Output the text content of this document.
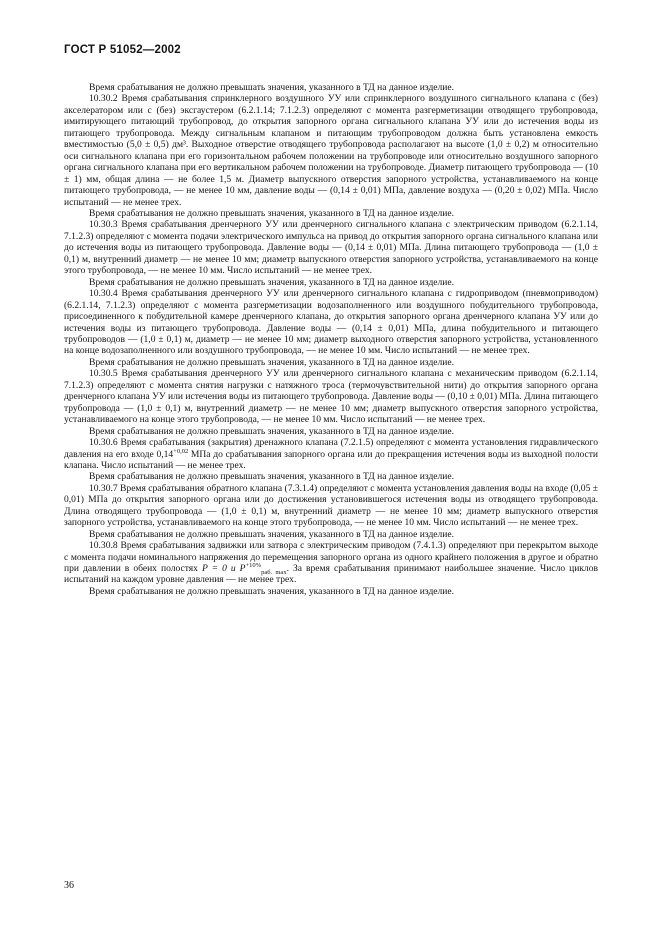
ГОСТ Р 51052—2002

Время срабатывания не должно превышать значения, указанного в ТД на данное изделие.

10.30.2 Время срабатывания спринклерного воздушного УУ или спринклерного воздушного сигнального клапана с (без) акселератором или с (без) эксгаустером (6.2.1.14; 7.1.2.3) определяют с момента разгерметизации отводящего трубопровода, имитирующего питающий трубопровод, до открытия запорного органа сигнального клапана УУ или до истечения воды из питающего трубопровода. Между сигнальным клапаном и питающим трубопроводом должна быть установлена емкость вместимостью (5,0 ± 0,5) дм³. Выходное отверстие отводящего трубопровода располагают на высоте (1,0 ± 0,2) м относительно оси сигнального клапана при его горизонтальном рабочем положении на трубопроводе или относительно воздушного запорного органа сигнального клапана при его вертикальном рабочем положении на трубопроводе. Диаметр питающего трубопровода — (10 ± 1) мм, общая длина — не более 1,5 м. Диаметр выпускного отверстия запорного устройства, устанавливаемого на конце питающего трубопровода, — не менее 10 мм, давление воды — (0,14 ± 0,01) МПа, давление воздуха — (0,20 ± 0,02) МПа. Число испытаний — не менее трех.

Время срабатывания не должно превышать значения, указанного в ТД на данное изделие.

10.30.3 Время срабатывания дренчерного УУ или дренчерного сигнального клапана с электрическим приводом (6.2.1.14, 7.1.2.3) определяют с момента подачи электрического импульса на привод до открытия запорного органа сигнального клапана или до истечения воды из питающего трубопровода. Давление воды — (0,14 ± 0,01) МПа. Длина питающего трубопровода — (1,0 ± 0,1) м, внутренний диаметр — не менее 10 мм; диаметр выпускного отверстия запорного устройства, устанавливаемого на конце этого трубопровода, — не менее 10 мм. Число испытаний — не менее трех.

Время срабатывания не должно превышать значения, указанного в ТД на данное изделие.

10.30.4 Время срабатывания дренчерного УУ или дренчерного сигнального клапана с гидроприводом (пневмоприводом) (6.2.1.14, 7.1.2.3) определяют с момента разгерметизации водозаполненного или воздушного побудительного трубопровода, присоединенного к побудительной камере дренчерного клапана, до открытия запорного органа дренчерного клапана УУ или до истечения воды из питающего трубопровода. Давление воды — (0,14 ± 0,01) МПа, длина побудительного и питающего трубопроводов — (1,0 ± 0,1) м, диаметр — не менее 10 мм; диаметр выходного отверстия запорного устройства, установленного на конце водозаполненного или воздушного трубопровода, — не менее 10 мм. Число испытаний — не менее трех.

Время срабатывания не должно превышать значения, указанного в ТД на данное изделие.

10.30.5 Время срабатывания дренчерного УУ или дренчерного сигнального клапана с механическим приводом (6.2.1.14, 7.1.2.3) определяют с момента снятия нагрузки с натяжного троса (термочувствительной нити) до открытия запорного органа дренчерного клапана УУ или истечения воды из питающего трубопровода. Давление воды — (0,10 ± 0,01) МПа. Длина питающего трубопровода — (1,0 ± 0,1) м, внутренний диаметр — не менее 10 мм; диаметр выпускного отверстия запорного устройства, устанавливаемого на конце этого трубопровода, — не менее 10 мм. Число испытаний — не менее трех.

Время срабатывания не должно превышать значения, указанного в ТД на данное изделие.

10.30.6 Время срабатывания (закрытия) дренажного клапана (7.2.1.5) определяют с момента установления гидравлического давления на его входе $0,14^{+0,02}$ МПа до срабатывания запорного органа или до прекращения истечения воды из выходной полости клапана. Число испытаний — не менее трех.

Время срабатывания не должно превышать значения, указанного в ТД на данное изделие.

10.30.7 Время срабатывания обратного клапана (7.3.1.4) определяют с момента установления давления воды на входе (0,05 ± 0,01) МПа до открытия запорного органа или до достижения установившегося истечения воды из отводящего трубопровода. Длина отводящего трубопровода — (1,0 ± 0,1) м, внутренний диаметр — не менее 10 мм; диаметр выпускного отверстия запорного устройства, устанавливаемого на конце этого трубопровода, — не менее 10 мм. Число испытаний — не менее трех.

Время срабатывания не должно превышать значения, указанного в ТД на данное изделие.

10.30.8 Время срабатывания задвижки или затвора с электрическим приводом (7.4.1.3) определяют при перекрытом выходе с момента подачи номинального напряжения до перемещения запорного органа из одного крайнего положения в другое и обратно при давлении в обеих полостях P = 0 и $P^{+10\%}_{раб. max}$. За время срабатывания принимают наибольшее значение. Число циклов испытаний на каждом уровне давления — не менее трех.

Время срабатывания не должно превышать значения, указанного в ТД на данное изделие.

36
